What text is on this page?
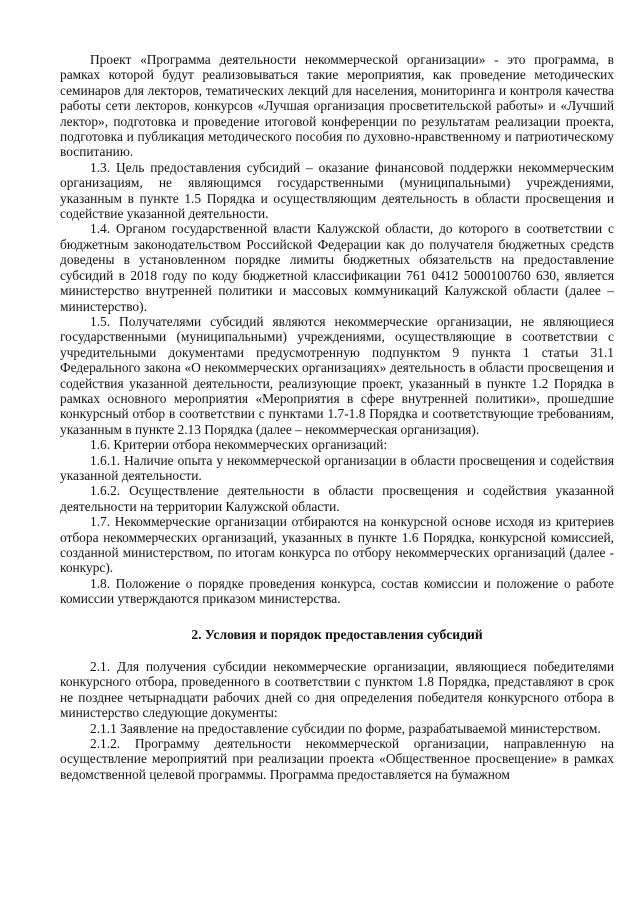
Проект «Программа деятельности некоммерческой организации» - это программа, в рамках которой будут реализовываться такие мероприятия, как проведение методических семинаров для лекторов, тематических лекций для населения, мониторинга и контроля качества работы сети лекторов, конкурсов «Лучшая организация просветительской работы» и «Лучший лектор», подготовка и проведение итоговой конференции по результатам реализации проекта, подготовка и публикация методического пособия по духовно-нравственному и патриотическому воспитанию.

1.3. Цель предоставления субсидий – оказание финансовой поддержки некоммерческим организациям, не являющимся государственными (муниципальными) учреждениями, указанным в пункте 1.5 Порядка и осуществляющим деятельность в области просвещения и содействие указанной деятельности.

1.4. Органом государственной власти Калужской области, до которого в соответствии с бюджетным законодательством Российской Федерации как до получателя бюджетных средств доведены в установленном порядке лимиты бюджетных обязательств на предоставление субсидий в 2018 году по коду бюджетной классификации 761 0412 5000100760 630, является министерство внутренней политики и массовых коммуникаций Калужской области (далее – министерство).

1.5. Получателями субсидий являются некоммерческие организации, не являющиеся государственными (муниципальными) учреждениями, осуществляющие в соответствии с учредительными документами предусмотренную подпунктом 9 пункта 1 статьи 31.1 Федерального закона «О некоммерческих организациях» деятельность в области просвещения и содействия указанной деятельности, реализующие проект, указанный в пункте 1.2 Порядка в рамках основного мероприятия «Мероприятия в сфере внутренней политики», прошедшие конкурсный отбор в соответствии с пунктами 1.7-1.8 Порядка и соответствующие требованиям, указанным в пункте 2.13 Порядка (далее – некоммерческая организация).

1.6. Критерии отбора некоммерческих организаций:

1.6.1. Наличие опыта у некоммерческой организации в области просвещения и содействия указанной деятельности.

1.6.2. Осуществление деятельности в области просвещения и содействия указанной деятельности на территории Калужской области.

1.7. Некоммерческие организации отбираются на конкурсной основе исходя из критериев отбора некоммерческих организаций, указанных в пункте 1.6 Порядка, конкурсной комиссией, созданной министерством, по итогам конкурса по отбору некоммерческих организаций (далее - конкурс).

1.8. Положение о порядке проведения конкурса, состав комиссии и положение о работе комиссии утверждаются приказом министерства.

2. Условия и порядок предоставления субсидий

2.1. Для получения субсидии некоммерческие организации, являющиеся победителями конкурсного отбора, проведенного в соответствии с пунктом 1.8 Порядка, представляют в срок не позднее четырнадцати рабочих дней со дня определения победителя конкурсного отбора в министерство следующие документы:

2.1.1 Заявление на предоставление субсидии по форме, разрабатываемой министерством.

2.1.2. Программу деятельности некоммерческой организации, направленную на осуществление мероприятий при реализации проекта «Общественное просвещение» в рамках ведомственной целевой программы. Программа предоставляется на бумажном
